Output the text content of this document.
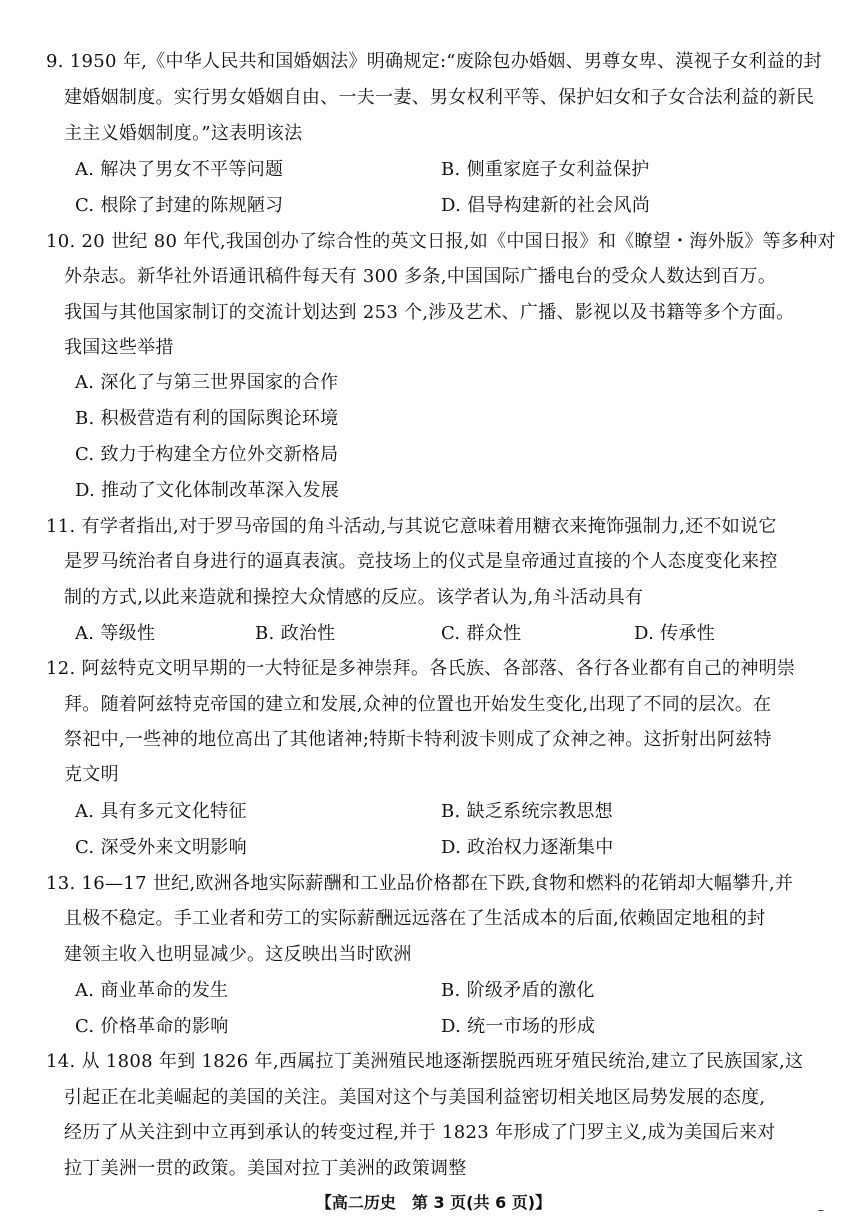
9. 1950 年,《中华人民共和国婚姻法》明确规定:“废除包办婚姻、男尊女卑、漠视子女利益的封
建婚姻制度。实行男女婚姻自由、一夫一妻、男女权利平等、保护妇女和子女合法利益的新民
主主义婚姻制度。”这表明该法
A. 解决了男女不平等问题	B. 侧重家庭子女利益保护
C. 根除了封建的陈规陋习	D. 倡导构建新的社会风尚
10. 20 世纪 80 年代,我国创办了综合性的英文日报,如《中国日报》和《瞭望・海外版》等多种对
外杂志。新华社外语通讯稿件每天有 300 多条,中国国际广播电台的受众人数达到百万。
我国与其他国家制订的交流计划达到 253 个,涉及艺术、广播、影视以及书籍等多个方面。
我国这些举措
A. 深化了与第三世界国家的合作
B. 积极营造有利的国际舆论环境
C. 致力于构建全方位外交新格局
D. 推动了文化体制改革深入发展
11. 有学者指出,对于罗马帝国的角斗活动,与其说它意味着用糖衣来掩饰强制力,还不如说它
是罗马统治者自身进行的逼真表演。竞技场上的仪式是皇帝通过直接的个人态度变化来控
制的方式,以此来造就和操控大众情感的反应。该学者认为,角斗活动具有
A. 等级性	B. 政治性	C. 群众性	D. 传承性
12. 阿兹特克文明早期的一大特征是多神崇拜。各氏族、各部落、各行各业都有自己的神明崇
拜。随着阿兹特克帝国的建立和发展,众神的位置也开始发生变化,出现了不同的层次。在
祭祀中,一些神的地位高出了其他诸神;特斯卡特利波卡则成了众神之神。这折射出阿兹特
克文明
A. 具有多元文化特征	B. 缺乏系统宗教思想
C. 深受外来文明影响	D. 政治权力逐渐集中
13. 16—17 世纪,欧洲各地实际薪酬和工业品价格都在下跌,食物和燃料的花销却大幅攀升,并
且极不稳定。手工业者和劳工的实际薪酬远远落在了生活成本的后面,依赖固定地租的封
建领主收入也明显减少。这反映出当时欧洲
A. 商业革命的发生	B. 阶级矛盾的激化
C. 价格革命的影响	D. 统一市场的形成
14. 从 1808 年到 1826 年,西属拉丁美洲殖民地逐渐摆脱西班牙殖民统治,建立了民族国家,这
引起正在北美崛起的美国的关注。美国对这个与美国利益密切相关地区局势发展的态度,
经历了从关注到中立再到承认的转变过程,并于 1823 年形成了门罗主义,成为美国后来对
拉丁美洲一贯的政策。美国对拉丁美洲的政策调整
【高二历史　第 3 页(共 6 页)】	–
